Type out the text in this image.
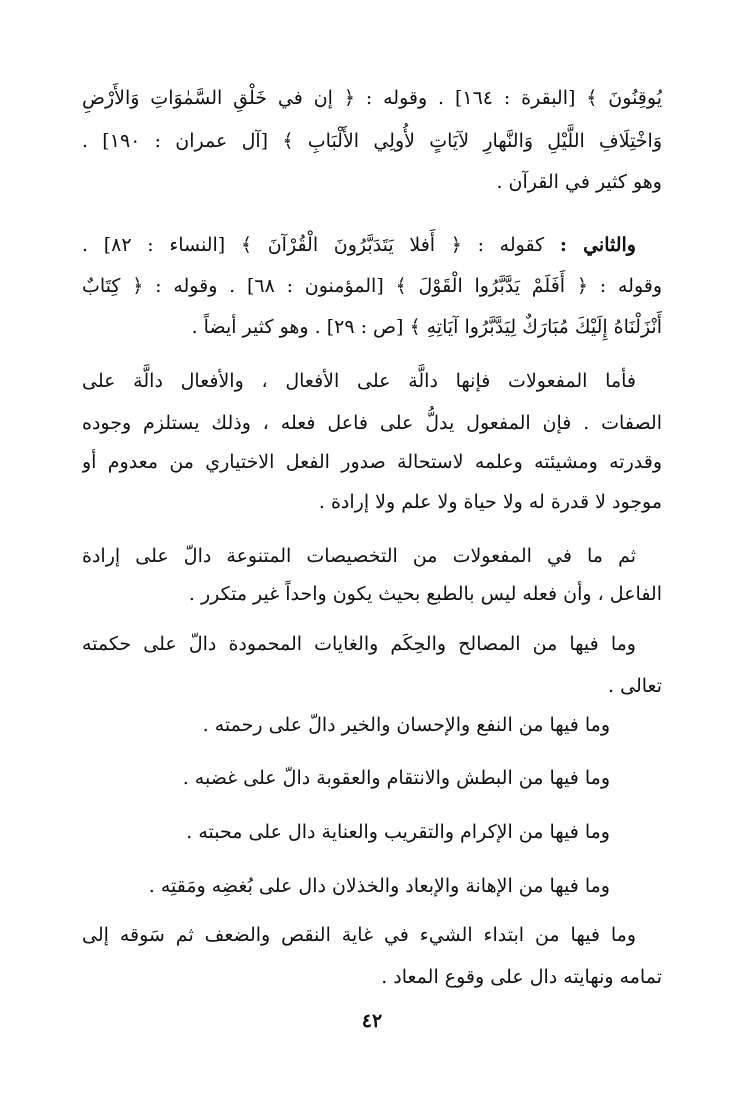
يُوقِنُونَ ﴾ [البقرة : ١٦٤] . وقوله : ﴿ إن في خَلْقِ السَّمٰوَاتِ وَالأَرْضِ
وَاخْتِلَافِ اللَّيْلِ وَالنَّهارِ لآيَاتٍ لأُولِي الأَلْبَابِ ﴾ [آل عمران : ١٩٠] .
وهو كثير في القرآن .
والثاني : كقوله : ﴿ أَفلا يَتَدَبَّرُونَ الْقُرْآنَ ﴾ [النساء : ٨٢] .
وقوله : ﴿ أَفَلَمْ يَدَّبَّرُوا الْقَوْلَ ﴾ [المؤمنون : ٦٨] . وقوله : ﴿ كِتَابٌ
أَنْزَلْنَاهُ إِلَيْكَ مُبَارَكٌ لِيَدَّبَّرُوا آيَاتِهِ ﴾ [ص : ٢٩] . وهو كثير أيضاً .
فأما المفعولات فإنها دالَّة على الأفعال ، والأفعال دالَّة على
الصفات . فإن المفعول يدلُّ على فاعل فعله ، وذلك يستلزم وجوده
وقدرته ومشيئته وعلمه لاستحالة صدور الفعل الاختياري من معدوم أو
موجود لا قدرة له ولا حياة ولا علم ولا إرادة .
ثم ما في المفعولات من التخصيصات المتنوعة دالّ على إرادة
الفاعل ، وأن فعله ليس بالطبع بحيث يكون واحداً غير متكرر .
وما فيها من المصالح والحِكَم والغايات المحمودة دالّ على حكمته
تعالى .
وما فيها من النفع والإحسان والخير دالّ على رحمته .
وما فيها من البطش والانتقام والعقوبة دالّ على غضبه .
وما فيها من الإكرام والتقريب والعناية دال على محبته .
وما فيها من الإهانة والإبعاد والخذلان دال على بُغضِه ومَقتِه .
وما فيها من ابتداء الشيء في غاية النقص والضعف ثم سَوقه إلى
تمامه ونهايته دال على وقوع المعاد .
٤٢
